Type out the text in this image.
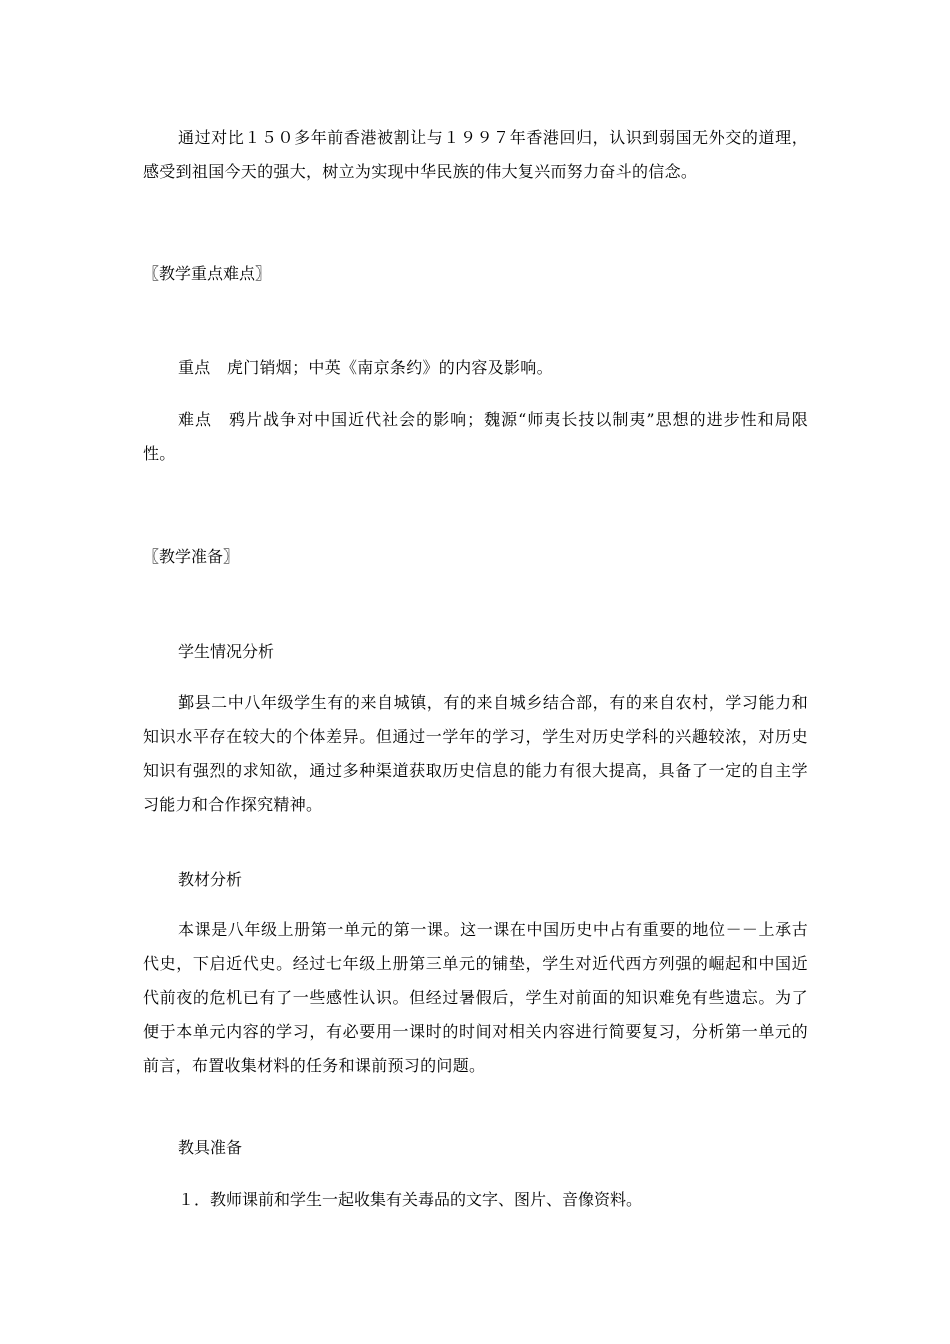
通过对比１５０多年前香港被割让与１９９７年香港回归，认识到弱国无外交的道理，感受到祖国今天的强大，树立为实现中华民族的伟大复兴而努力奋斗的信念。

〖教学重点难点〗

重点　虎门销烟；中英《南京条约》的内容及影响。

难点　鸦片战争对中国近代社会的影响；魏源“师夷长技以制夷”思想的进步性和局限性。

〖教学准备〗

学生情况分析

鄞县二中八年级学生有的来自城镇，有的来自城乡结合部，有的来自农村，学习能力和知识水平存在较大的个体差异。但通过一学年的学习，学生对历史学科的兴趣较浓，对历史知识有强烈的求知欲，通过多种渠道获取历史信息的能力有很大提高，具备了一定的自主学习能力和合作探究精神。

教材分析

本课是八年级上册第一单元的第一课。这一课在中国历史中占有重要的地位－－上承古代史，下启近代史。经过七年级上册第三单元的铺垫，学生对近代西方列强的崛起和中国近代前夜的危机已有了一些感性认识。但经过暑假后，学生对前面的知识难免有些遗忘。为了便于本单元内容的学习，有必要用一课时的时间对相关内容进行简要复习，分析第一单元的前言，布置收集材料的任务和课前预习的问题。

教具准备

１．教师课前和学生一起收集有关毒品的文字、图片、音像资料。
